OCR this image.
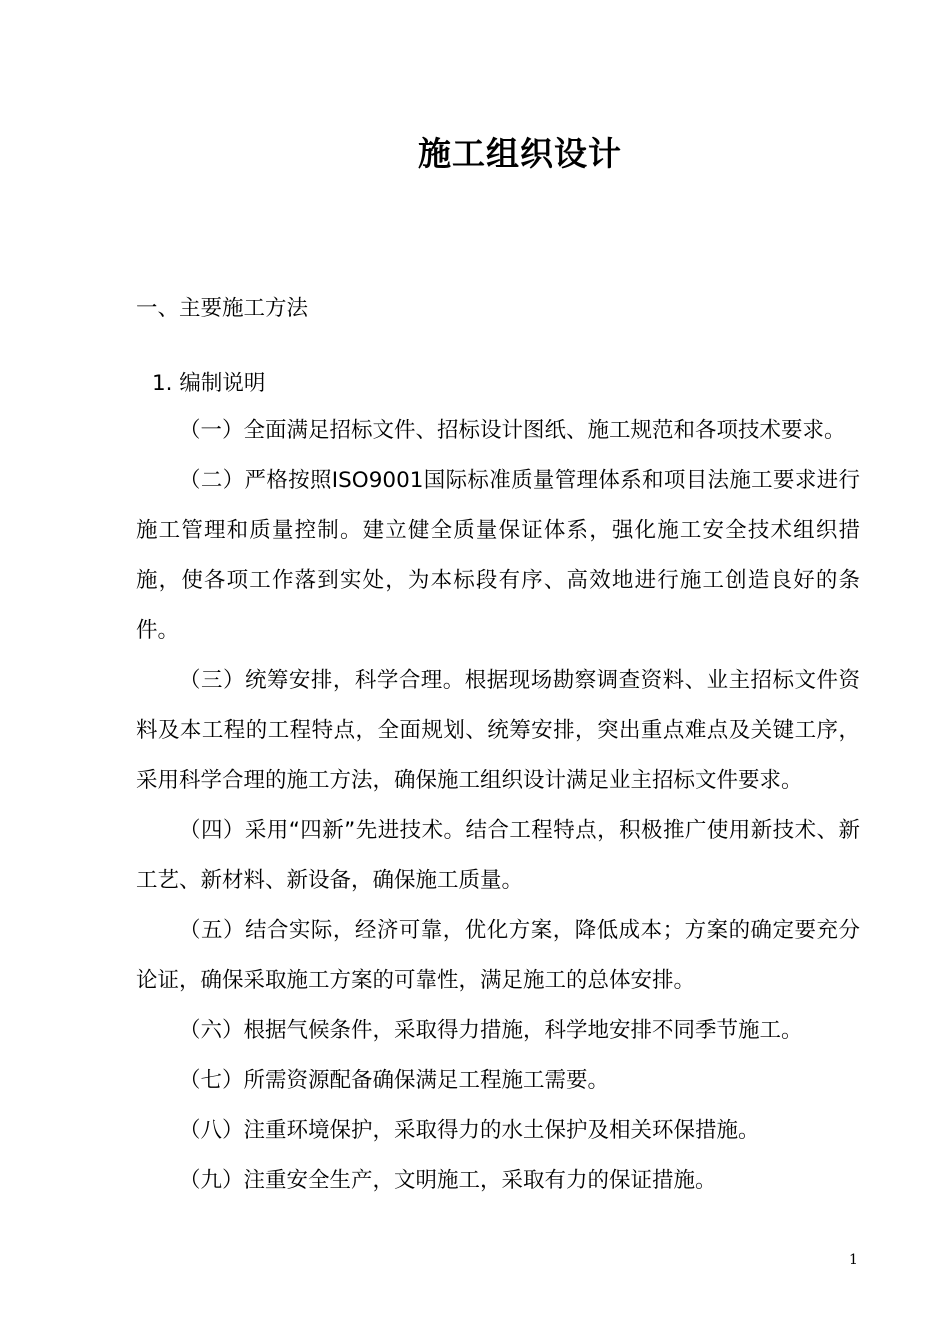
施工组织设计
一、主要施工方法
1. 编制说明

（一）全面满足招标文件、招标设计图纸、施工规范和各项技术要求。

（二）严格按照ISO9001国际标准质量管理体系和项目法施工要求进行施工管理和质量控制。建立健全质量保证体系，强化施工安全技术组织措施，使各项工作落到实处，为本标段有序、高效地进行施工创造良好的条件。

（三）统筹安排，科学合理。根据现场勘察调查资料、业主招标文件资料及本工程的工程特点，全面规划、统筹安排，突出重点难点及关键工序，采用科学合理的施工方法，确保施工组织设计满足业主招标文件要求。

（四）采用“四新”先进技术。结合工程特点，积极推广使用新技术、新工艺、新材料、新设备，确保施工质量。

（五）结合实际，经济可靠，优化方案，降低成本；方案的确定要充分论证，确保采取施工方案的可靠性，满足施工的总体安排。

（六）根据气候条件，采取得力措施，科学地安排不同季节施工。

（七）所需资源配备确保满足工程施工需要。

（八）注重环境保护，采取得力的水土保护及相关环保措施。

（九）注重安全生产，文明施工，采取有力的保证措施。

1
